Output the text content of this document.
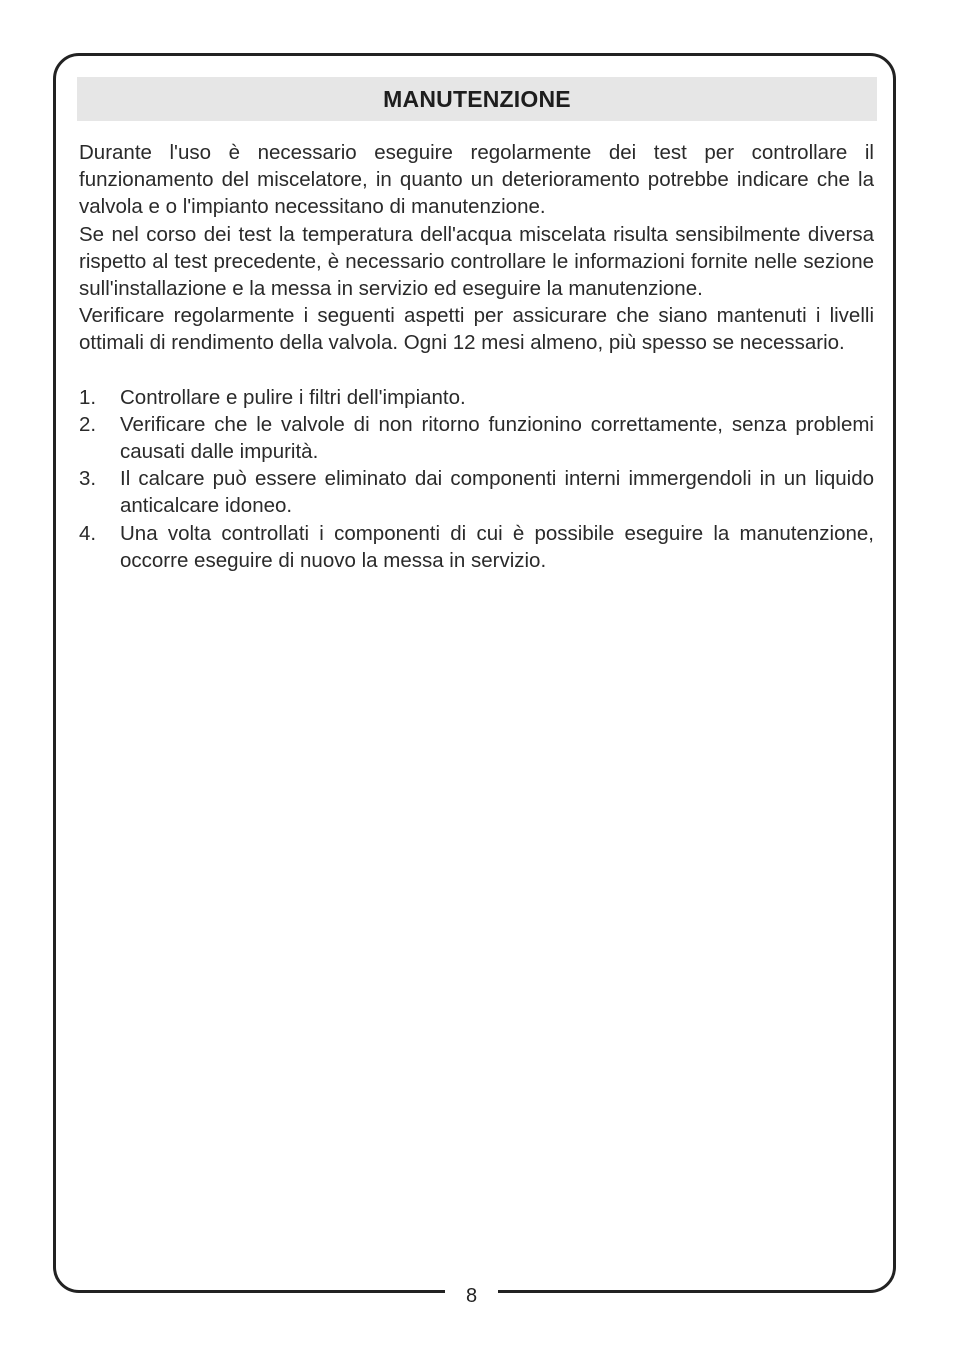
8
MANUTENZIONE

Durante l'uso è necessario eseguire regolarmente dei test per controllare il funzionamento del miscelatore, in quanto un deterioramento potrebbe indicare che la valvola e o l'impianto necessitano di manutenzione.

Se nel corso dei test la temperatura dell'acqua miscelata risulta sensibilmente diversa rispetto al test precedente, è necessario controllare le informazioni fornite nelle sezione sull'installazione e la messa in servizio ed eseguire la manutenzione.

Verificare regolarmente i seguenti aspetti per assicurare che siano mantenuti i livelli ottimali di rendimento della valvola. Ogni 12 mesi almeno, più spesso se necessario.

1.	Controllare e pulire i filtri dell'impianto.
2.	Verificare che le valvole di non ritorno funzionino correttamente, senza problemi causati dalle impurità.
3.	Il calcare può essere eliminato dai componenti interni immergendoli in un liquido anticalcare idoneo.
4.	Una volta controllati i componenti di cui è possibile eseguire la manutenzione, occorre eseguire di nuovo la messa in servizio.
